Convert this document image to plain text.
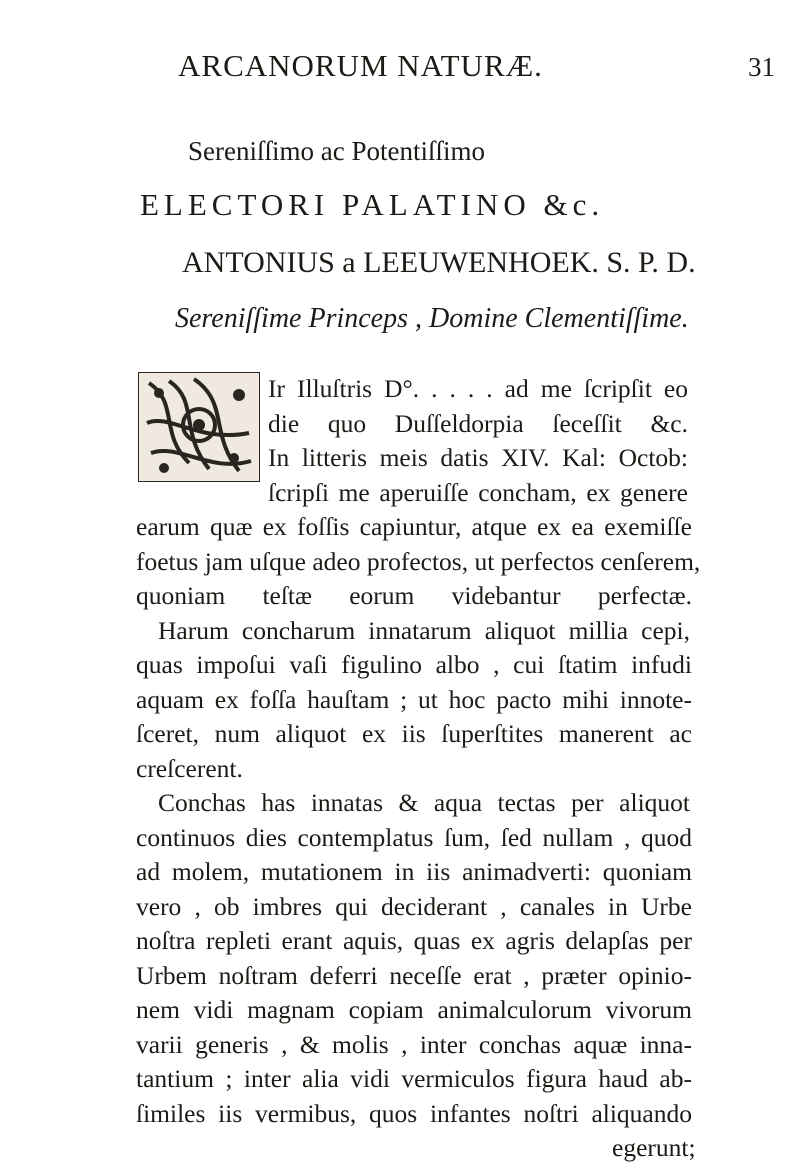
ARCANORUM NATURÆ.	31
Sereniſſimo ac Potentiſſimo
ELECTORI PALATINO &c.
ANTONIUS a LEEUWENHOEK. S. P. D.
Sereniſſime Princeps , Domine Clementiſſime.
Ir Illuſtris D°. . . . . ad me ſcripſit eo
die quo Duſſeldorpia ſeceſſit &c.
In litteris meis datis XIV. Kal: Octob:
ſcripſi me aperuiſſe concham, ex genere
earum quæ ex foſſis capiuntur, atque ex ea exemiſſe
foetus jam uſque adeo profectos, ut perfectos cenſerem,
quoniam teſtæ eorum videbantur perfectæ.
Harum concharum innatarum aliquot millia cepi,
quas impoſui vaſi figulino albo , cui ſtatim infudi
aquam ex foſſa hauſtam ; ut hoc pacto mihi innote-
ſceret, num aliquot ex iis ſuperſtites manerent ac
creſcerent.
Conchas has innatas & aqua tectas per aliquot
continuos dies contemplatus ſum, ſed nullam , quod
ad molem, mutationem in iis animadverti: quoniam
vero , ob imbres qui deciderant , canales in Urbe
noſtra repleti erant aquis, quas ex agris delapſas per
Urbem noſtram deferri neceſſe erat , præter opinio-
nem vidi magnam copiam animalculorum vivorum
varii generis , & molis , inter conchas aquæ inna-
tantium ; inter alia vidi vermiculos figura haud ab-
ſimiles iis vermibus, quos infantes noſtri aliquando
egerunt;
